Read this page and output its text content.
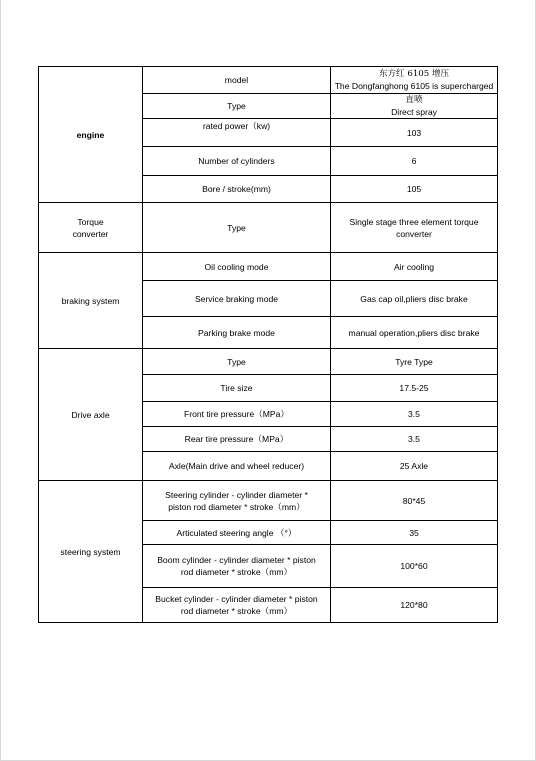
engine	model	东方红 6105 增压
The Dongfanghong 6105 is supercharged

	Type	直喷
Direct spray

	rated power（kw)	103
	Number of cylinders	6
	Bore / stroke(mm)	105

Torque
converter	Type	Single stage three element torque
converter

braking system	Oil cooling mode	Air cooling
	Service braking mode	Gas cap oil,pliers disc brake
	Parking brake mode	manual operation,pliers disc brake
Drive axle	Type	Tyre Type
	Tire size	17.5-25
	Front tire pressure（MPa）	3.5
	Rear tire pressure（MPa）	3.5
	Axle(Main drive and wheel reducer)	25 Axle
steering system	Steering cylinder - cylinder diameter *
piston rod diameter * stroke（mm）	80*45
	Articulated steering angle （°）	35

	Boom cylinder - cylinder diameter * piston
rod diameter * stroke（mm）	100*60

	Bucket cylinder - cylinder diameter * piston
rod diameter * stroke（mm）	120*80
